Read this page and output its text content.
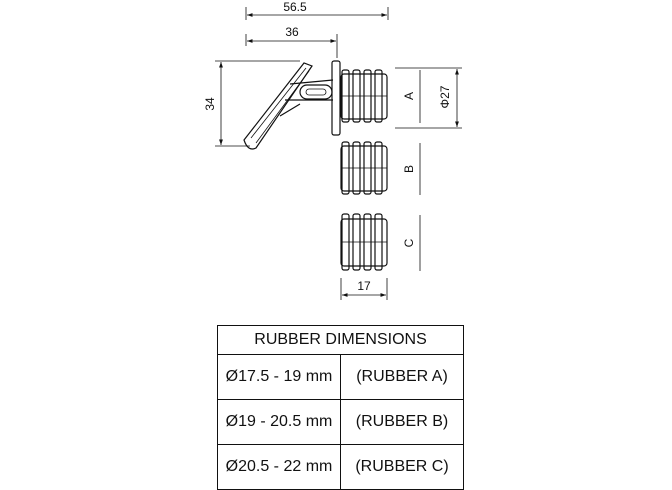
56.5
36
34	Φ27
A
B
C
17
RUBBER DIMENSIONS	
Ø17.5 - 19 mm	(RUBBER A)
Ø19 - 20.5 mm	(RUBBER B)
Ø20.5 - 22 mm	(RUBBER C)
